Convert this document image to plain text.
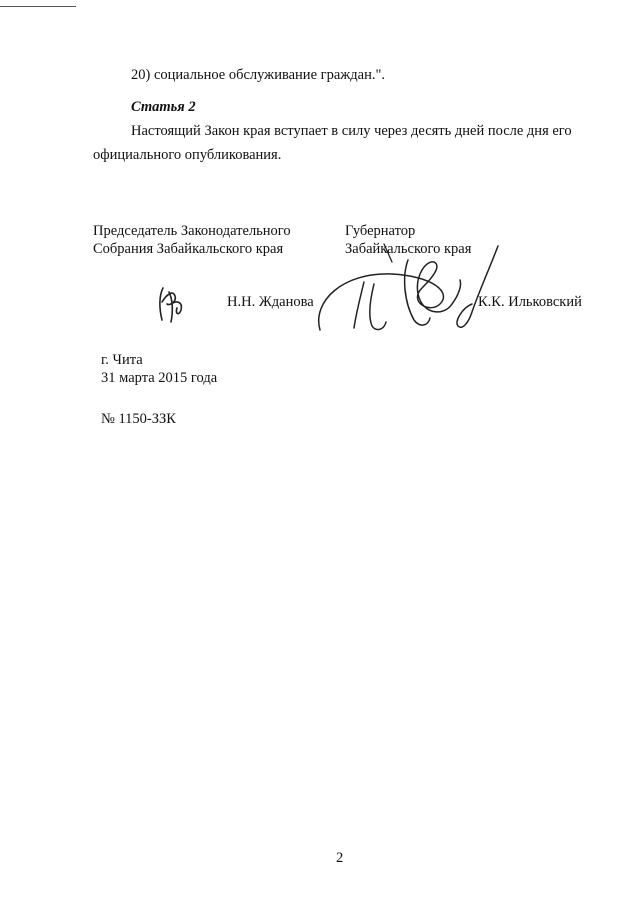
20) социальное обслуживание граждан.".
Статья 2
Настоящий Закон края вступает в силу через десять дней после дня его
официального опубликования.
Председатель Законодательного
Собрания Забайкальского края
Губернатор
Забайкальского края
Н.Н. Жданова	К.К. Ильковский
г. Чита
31 марта 2015 года
№ 1150-ЗЗК
2
